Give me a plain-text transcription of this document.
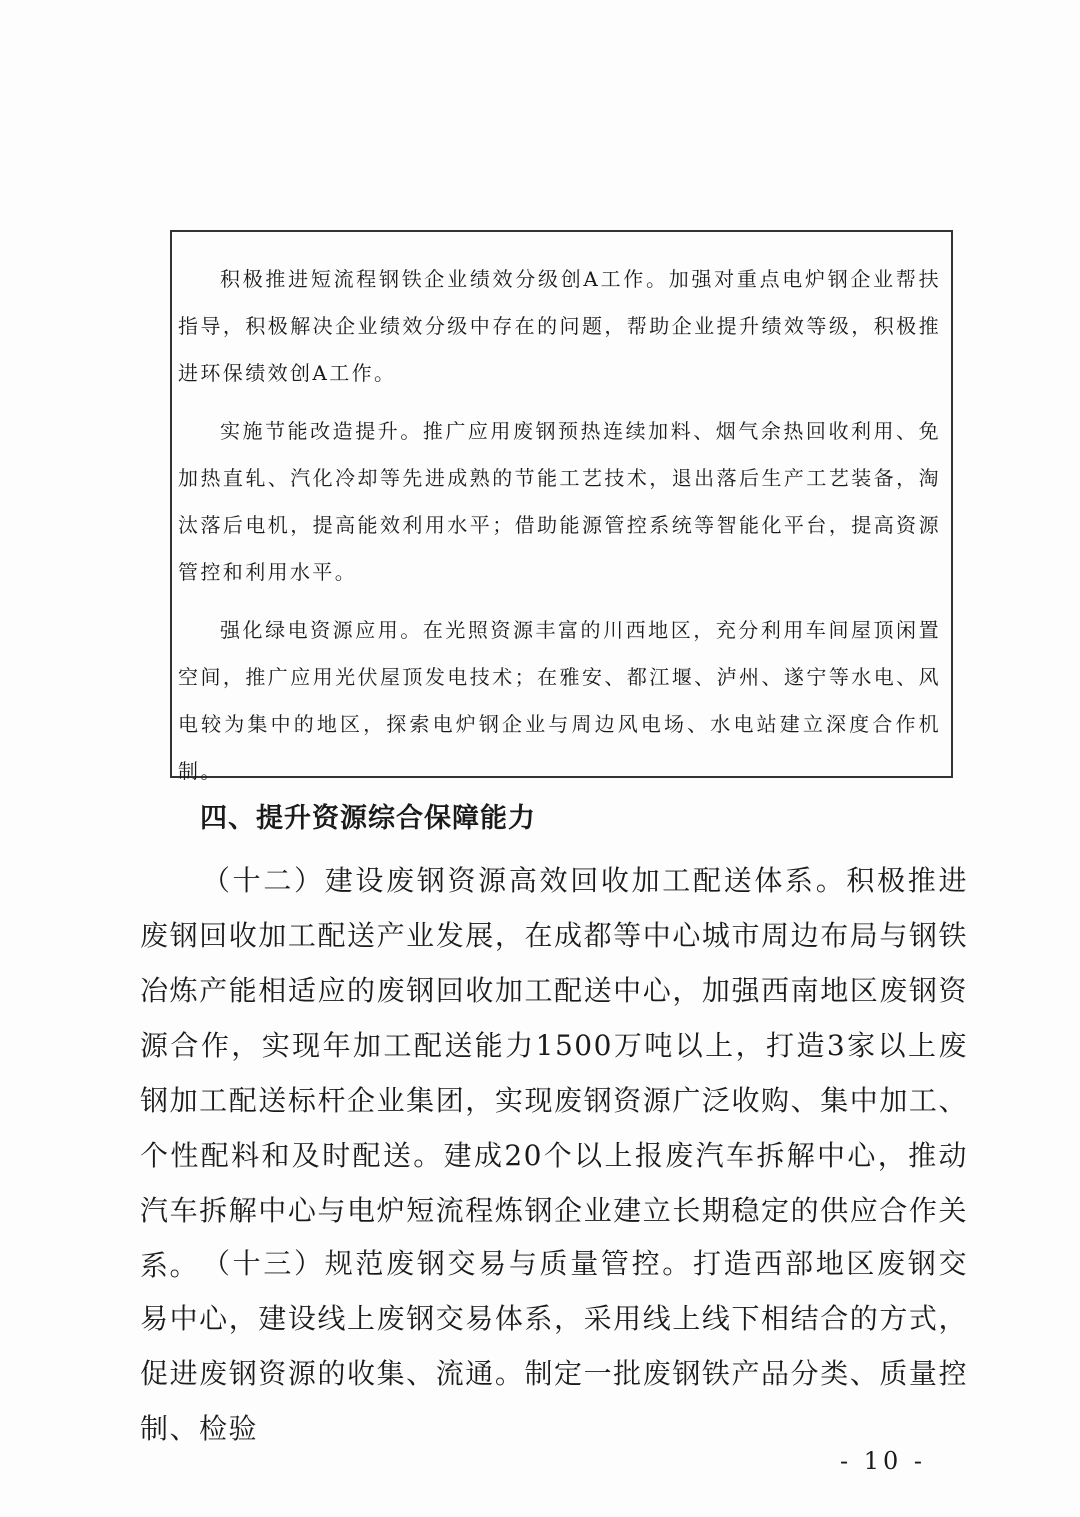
积极推进短流程钢铁企业绩效分级创A工作。加强对重点电炉钢企业帮扶指导，积极解决企业绩效分级中存在的问题，帮助企业提升绩效等级，积极推进环保绩效创A工作。

实施节能改造提升。推广应用废钢预热连续加料、烟气余热回收利用、免加热直轧、汽化冷却等先进成熟的节能工艺技术，退出落后生产工艺装备，淘汰落后电机，提高能效利用水平；借助能源管控系统等智能化平台，提高资源管控和利用水平。

强化绿电资源应用。在光照资源丰富的川西地区，充分利用车间屋顶闲置空间，推广应用光伏屋顶发电技术；在雅安、都江堰、泸州、遂宁等水电、风电较为集中的地区，探索电炉钢企业与周边风电场、水电站建立深度合作机制。

四、提升资源综合保障能力

（十二）建设废钢资源高效回收加工配送体系。积极推进废钢回收加工配送产业发展，在成都等中心城市周边布局与钢铁冶炼产能相适应的废钢回收加工配送中心，加强西南地区废钢资源合作，实现年加工配送能力1500万吨以上，打造3家以上废钢加工配送标杆企业集团，实现废钢资源广泛收购、集中加工、个性配料和及时配送。建成20个以上报废汽车拆解中心，推动汽车拆解中心与电炉短流程炼钢企业建立长期稳定的供应合作关系。 （十三）规范废钢交易与质量管控。打造西部地区废钢交易中心，建设线上废钢交易体系，采用线上线下相结合的方式，促进废钢资源的收集、流通。制定一批废钢铁产品分类、质量控制、检验

- 10 -
